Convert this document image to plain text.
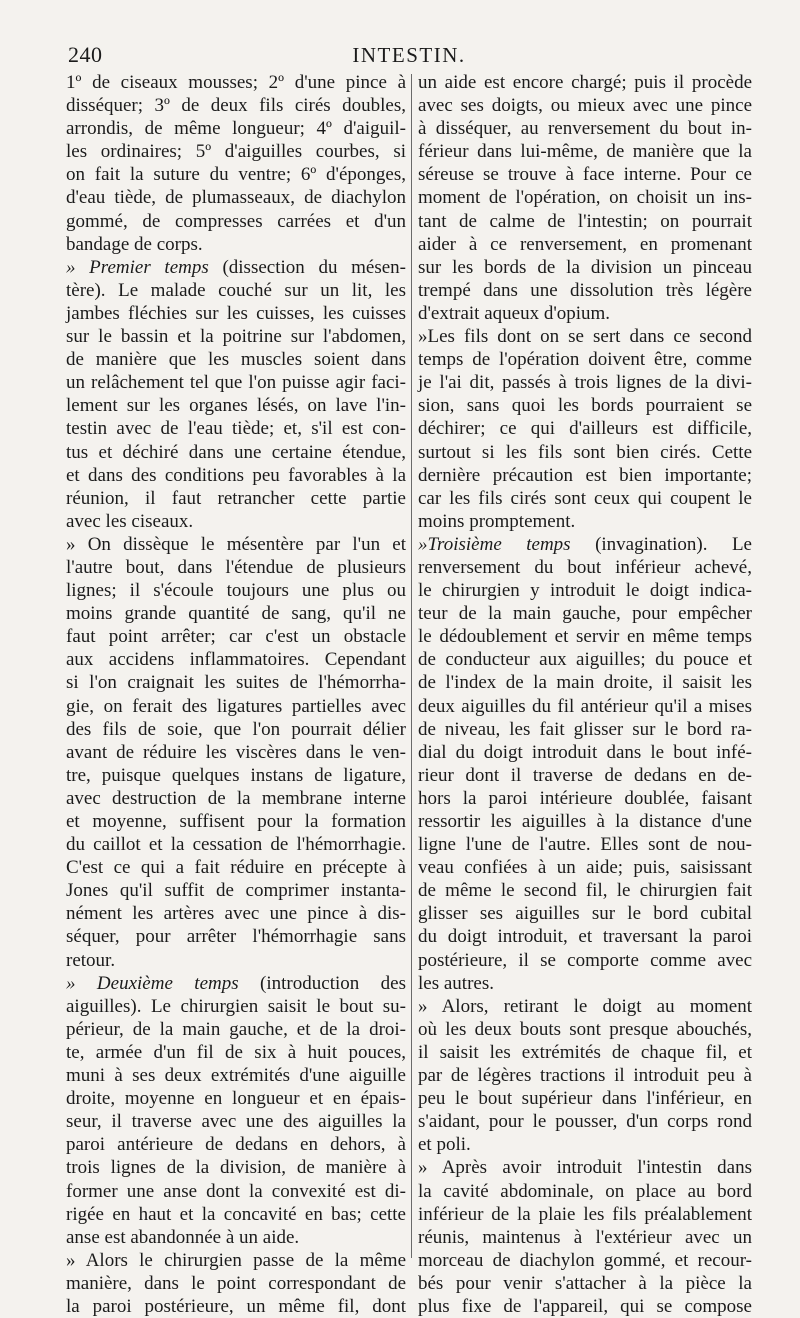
240	INTESTIN.
1º de ciseaux mousses; 2º d'une pince à
disséquer; 3º de deux fils cirés doubles,
arrondis, de même longueur; 4º d'aiguil-
les ordinaires; 5º d'aiguilles courbes, si
on fait la suture du ventre; 6º d'éponges,
d'eau tiède, de plumasseaux, de diachylon
gommé, de compresses carrées et d'un
bandage de corps.
» Premier temps (dissection du mésen-
tère). Le malade couché sur un lit, les
jambes fléchies sur les cuisses, les cuisses
sur le bassin et la poitrine sur l'abdomen,
de manière que les muscles soient dans
un relâchement tel que l'on puisse agir faci-
lement sur les organes lésés, on lave l'in-
testin avec de l'eau tiède; et, s'il est con-
tus et déchiré dans une certaine étendue,
et dans des conditions peu favorables à la
réunion, il faut retrancher cette partie
avec les ciseaux.
» On dissèque le mésentère par l'un et
l'autre bout, dans l'étendue de plusieurs
lignes; il s'écoule toujours une plus ou
moins grande quantité de sang, qu'il ne
faut point arrêter; car c'est un obstacle
aux accidens inflammatoires. Cependant
si l'on craignait les suites de l'hémorrha-
gie, on ferait des ligatures partielles avec
des fils de soie, que l'on pourrait délier
avant de réduire les viscères dans le ven-
tre, puisque quelques instans de ligature,
avec destruction de la membrane interne
et moyenne, suffisent pour la formation
du caillot et la cessation de l'hémorrhagie.
C'est ce qui a fait réduire en précepte à
Jones qu'il suffit de comprimer instanta-
nément les artères avec une pince à dis-
séquer, pour arrêter l'hémorrhagie sans
retour.
» Deuxième temps (introduction des
aiguilles). Le chirurgien saisit le bout su-
périeur, de la main gauche, et de la droi-
te, armée d'un fil de six à huit pouces,
muni à ses deux extrémités d'une aiguille
droite, moyenne en longueur et en épais-
seur, il traverse avec une des aiguilles la
paroi antérieure de dedans en dehors, à
trois lignes de la division, de manière à
former une anse dont la convexité est di-
rigée en haut et la concavité en bas; cette
anse est abandonnée à un aide.
» Alors le chirurgien passe de la même
manière, dans le point correspondant de
la paroi postérieure, un même fil, dont
un aide est encore chargé; puis il procède
avec ses doigts, ou mieux avec une pince
à disséquer, au renversement du bout in-
férieur dans lui-même, de manière que la
séreuse se trouve à face interne. Pour ce
moment de l'opération, on choisit un ins-
tant de calme de l'intestin; on pourrait
aider à ce renversement, en promenant
sur les bords de la division un pinceau
trempé dans une dissolution très légère
d'extrait aqueux d'opium.
»Les fils dont on se sert dans ce second
temps de l'opération doivent être, comme
je l'ai dit, passés à trois lignes de la divi-
sion, sans quoi les bords pourraient se
déchirer; ce qui d'ailleurs est difficile,
surtout si les fils sont bien cirés. Cette
dernière précaution est bien importante;
car les fils cirés sont ceux qui coupent le
moins promptement.
»Troisième temps (invagination). Le
renversement du bout inférieur achevé,
le chirurgien y introduit le doigt indica-
teur de la main gauche, pour empêcher
le dédoublement et servir en même temps
de conducteur aux aiguilles; du pouce et
de l'index de la main droite, il saisit les
deux aiguilles du fil antérieur qu'il a mises
de niveau, les fait glisser sur le bord ra-
dial du doigt introduit dans le bout infé-
rieur dont il traverse de dedans en de-
hors la paroi intérieure doublée, faisant
ressortir les aiguilles à la distance d'une
ligne l'une de l'autre. Elles sont de nou-
veau confiées à un aide; puis, saisissant
de même le second fil, le chirurgien fait
glisser ses aiguilles sur le bord cubital
du doigt introduit, et traversant la paroi
postérieure, il se comporte comme avec
les autres.
» Alors, retirant le doigt au moment
où les deux bouts sont presque abouchés,
il saisit les extrémités de chaque fil, et
par de légères tractions il introduit peu à
peu le bout supérieur dans l'inférieur, en
s'aidant, pour le pousser, d'un corps rond
et poli.
» Après avoir introduit l'intestin dans
la cavité abdominale, on place au bord
inférieur de la plaie les fils préalablement
réunis, maintenus à l'extérieur avec un
morceau de diachylon gommé, et recour-
bés pour venir s'attacher à la pièce la
plus fixe de l'appareil, qui se compose
